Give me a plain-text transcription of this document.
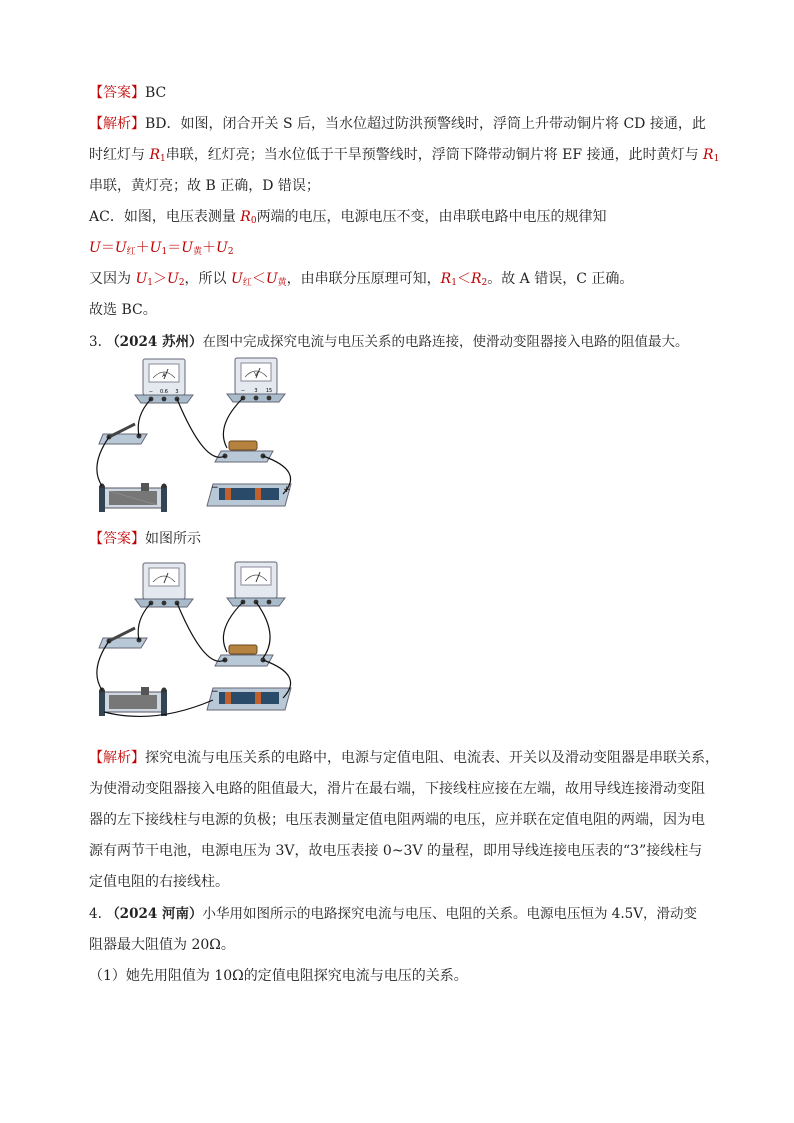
【答案】BC
【解析】BD．如图，闭合开关 S 后，当水位超过防洪预警线时，浮筒上升带动铜片将 CD 接通，此
时红灯与 $R_1$串联，红灯亮；当水位低于干旱预警线时，浮筒下降带动铜片将 EF 接通，此时黄灯与 $R_1$
串联，黄灯亮；故 B 正确，D 错误；
AC．如图，电压表测量 $R_0$两端的电压，电源电压不变，由串联电路中电压的规律知
$U=U_红+U_1=U_黄+U_2$
又因为 $U_1>U_2$，所以 $U_红<U_黄$，由串联分压原理可知，$R_1<R_2$。故 A 错误，C 正确。
故选 BC。
3. （2024 苏州）在图中完成探究电流与电压关系的电路连接，使滑动变阻器接入电路的阻值最大。
A
− 0.6 3
V
− 3 15
−	+
【答案】如图所示
−
【解析】探究电流与电压关系的电路中，电源与定值电阻、电流表、开关以及滑动变阻器是串联关系，
为使滑动变阻器接入电路的阻值最大，滑片在最右端，下接线柱应接在左端，故用导线连接滑动变阻
器的左下接线柱与电源的负极；电压表测量定值电阻两端的电压，应并联在定值电阻的两端，因为电
源有两节干电池，电源电压为 3V，故电压表接 0~3V 的量程，即用导线连接电压表的“3”接线柱与
定值电阻的右接线柱。
4. （2024 河南）小华用如图所示的电路探究电流与电压、电阻的关系。电源电压恒为 4.5V，滑动变
阻器最大阻值为 20Ω。
（1）她先用阻值为 10Ω的定值电阻探究电流与电压的关系。
